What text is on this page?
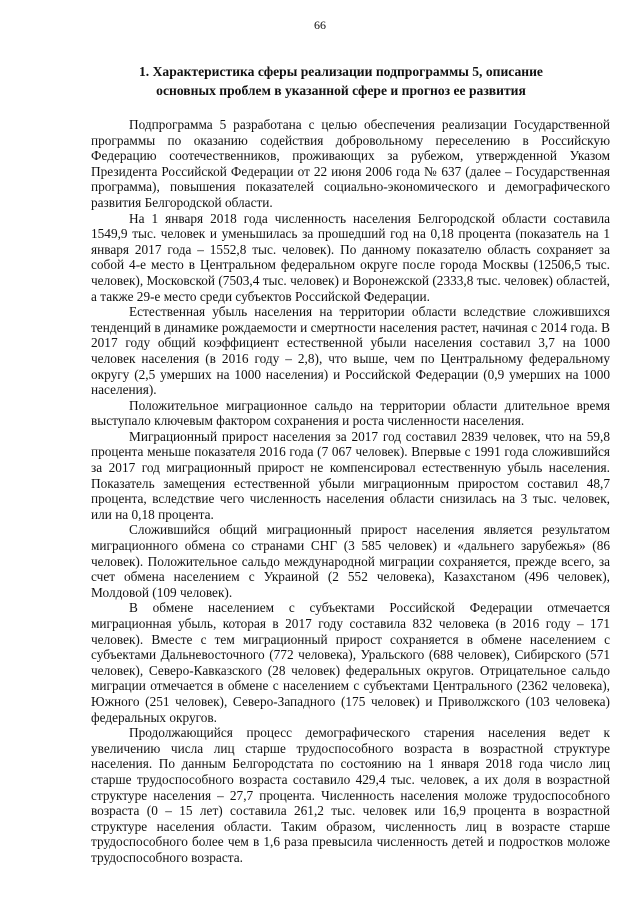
66
1. Характеристика сферы реализации подпрограммы 5, описание
основных проблем в указанной сфере и прогноз ее развития

Подпрограмма 5 разработана с целью обеспечения реализации Государственной программы по оказанию содействия добровольному переселению в Российскую Федерацию соотечественников, проживающих за рубежом, утвержденной Указом Президента Российской Федерации от 22 июня 2006 года № 637 (далее – Государственная программа), повышения показателей социально-экономического и демографического развития Белгородской области.

На 1 января 2018 года численность населения Белгородской области составила 1549,9 тыс. человек и уменьшилась за прошедший год на 0,18 процента (показатель на 1 января 2017 года – 1552,8 тыс. человек). По данному показателю область сохраняет за собой 4-е место в Центральном федеральном округе после города Москвы (12506,5 тыс. человек), Московской (7503,4 тыс. человек) и Воронежской (2333,8 тыс. человек) областей, а также 29-е место среди субъектов Российской Федерации.

Естественная убыль населения на территории области вследствие сложившихся тенденций в динамике рождаемости и смертности населения растет, начиная с 2014 года. В 2017 году общий коэффициент естественной убыли населения составил 3,7 на 1000 человек населения (в 2016 году – 2,8), что выше, чем по Центральному федеральному округу (2,5 умерших на 1000 населения) и Российской Федерации (0,9 умерших на 1000 населения).

Положительное миграционное сальдо на территории области длительное время выступало ключевым фактором сохранения и роста численности населения.

Миграционный прирост населения за 2017 год составил 2839 человек, что на 59,8 процента меньше показателя 2016 года (7 067 человек). Впервые с 1991 года сложившийся за 2017 год миграционный прирост не компенсировал естественную убыль населения. Показатель замещения естественной убыли миграционным приростом составил 48,7 процента, вследствие чего численность населения области снизилась на 3 тыс. человек, или на 0,18 процента.

Сложившийся общий миграционный прирост населения является результатом миграционного обмена со странами СНГ (3 585 человек) и «дальнего зарубежья» (86 человек). Положительное сальдо международной миграции сохраняется, прежде всего, за счет обмена населением с Украиной (2 552 человека), Казахстаном (496 человек), Молдовой (109 человек).

В обмене населением с субъектами Российской Федерации отмечается миграционная убыль, которая в 2017 году составила 832 человека (в 2016 году – 171 человек). Вместе с тем миграционный прирост сохраняется в обмене населением с субъектами Дальневосточного (772 человека), Уральского (688 человек), Сибирского (571 человек), Северо-Кавказского (28 человек) федеральных округов. Отрицательное сальдо миграции отмечается в обмене с населением с субъектами Центрального (2362 человека), Южного (251 человек), Северо-Западного (175 человек) и Приволжского (103 человека) федеральных округов.

Продолжающийся процесс демографического старения населения ведет к увеличению числа лиц старше трудоспособного возраста в возрастной структуре населения. По данным Белгородстата по состоянию на 1 января 2018 года число лиц старше трудоспособного возраста составило 429,4 тыс. человек, а их доля в возрастной структуре населения – 27,7 процента. Численность населения моложе трудоспособного возраста (0 – 15 лет) составила 261,2 тыс. человек или 16,9 процента в возрастной структуре населения области. Таким образом, численность лиц в возрасте старше трудоспособного более чем в 1,6 раза превысила численность детей и подростков моложе трудоспособного возраста.
